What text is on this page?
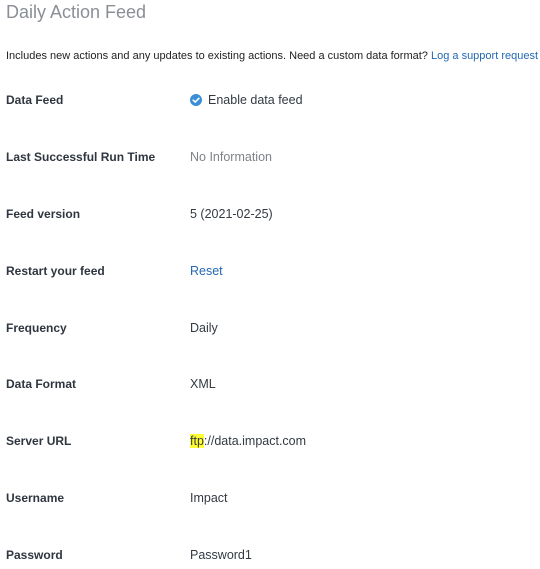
Daily Action Feed
Includes new actions and any updates to existing actions. Need a custom data format? Log a support request
Data Feed	Enable data feed
Last Successful Run Time	No Information
Feed version	5 (2021-02-25)
Restart your feed	Reset
Frequency	Daily
Data Format	XML
Server URL	ftp://data.impact.com
Username	Impact
Password	Password1
